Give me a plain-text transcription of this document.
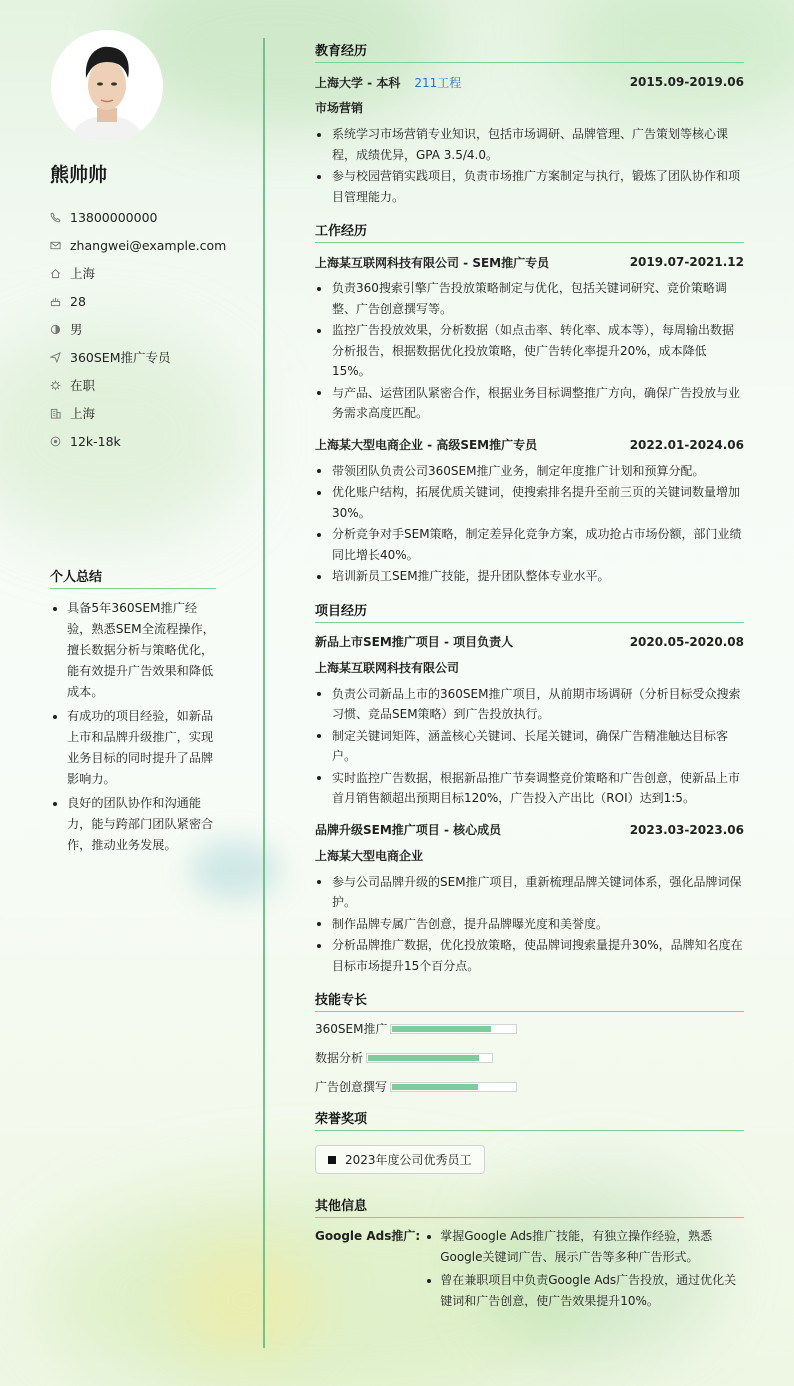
熊帅帅
13800000000
zhangwei@example.com
上海
28
男
360SEM推广专员
在职
上海
12k-18k
个人总结
具备5年360SEM推广经验，熟悉SEM全流程操作，擅长数据分析与策略优化，能有效提升广告效果和降低成本。
有成功的项目经验，如新品上市和品牌升级推广，实现业务目标的同时提升了品牌影响力。
良好的团队协作和沟通能力，能与跨部门团队紧密合作，推动业务发展。
教育经历
上海大学 - 本科 211工程	2015.09-2019.06
市场营销
系统学习市场营销专业知识，包括市场调研、品牌管理、广告策划等核心课程，成绩优异，GPA 3.5/4.0。
参与校园营销实践项目，负责市场推广方案制定与执行，锻炼了团队协作和项目管理能力。
工作经历
上海某互联网科技有限公司 - SEM推广专员	2019.07-2021.12
负责360搜索引擎广告投放策略制定与优化，包括关键词研究、竞价策略调整、广告创意撰写等。
监控广告投放效果，分析数据（如点击率、转化率、成本等），每周输出数据分析报告，根据数据优化投放策略，使广告转化率提升20%，成本降低15%。
与产品、运营团队紧密合作，根据业务目标调整推广方向，确保广告投放与业务需求高度匹配。
上海某大型电商企业 - 高级SEM推广专员	2022.01-2024.06
带领团队负责公司360SEM推广业务，制定年度推广计划和预算分配。
优化账户结构，拓展优质关键词，使搜索排名提升至前三页的关键词数量增加30%。
分析竞争对手SEM策略，制定差异化竞争方案，成功抢占市场份额，部门业绩同比增长40%。
培训新员工SEM推广技能，提升团队整体专业水平。
项目经历
新品上市SEM推广项目 - 项目负责人	2020.05-2020.08
上海某互联网科技有限公司
负责公司新品上市的360SEM推广项目，从前期市场调研（分析目标受众搜索习惯、竞品SEM策略）到广告投放执行。
制定关键词矩阵，涵盖核心关键词、长尾关键词，确保广告精准触达目标客户。
实时监控广告数据，根据新品推广节奏调整竞价策略和广告创意，使新品上市首月销售额超出预期目标120%，广告投入产出比（ROI）达到1:5。
品牌升级SEM推广项目 - 核心成员	2023.03-2023.06
上海某大型电商企业
参与公司品牌升级的SEM推广项目，重新梳理品牌关键词体系，强化品牌词保护。
制作品牌专属广告创意，提升品牌曝光度和美誉度。
分析品牌推广数据，优化投放策略，使品牌词搜索量提升30%，品牌知名度在目标市场提升15个百分点。
技能专长
360SEM推广
数据分析
广告创意撰写
荣誉奖项
2023年度公司优秀员工
其他信息
Google Ads推广:	掌握Google Ads推广技能，有独立操作经验，熟悉Google关键词广告、展示广告等多种广告形式。
曾在兼职项目中负责Google Ads广告投放，通过优化关键词和广告创意，使广告效果提升10%。
